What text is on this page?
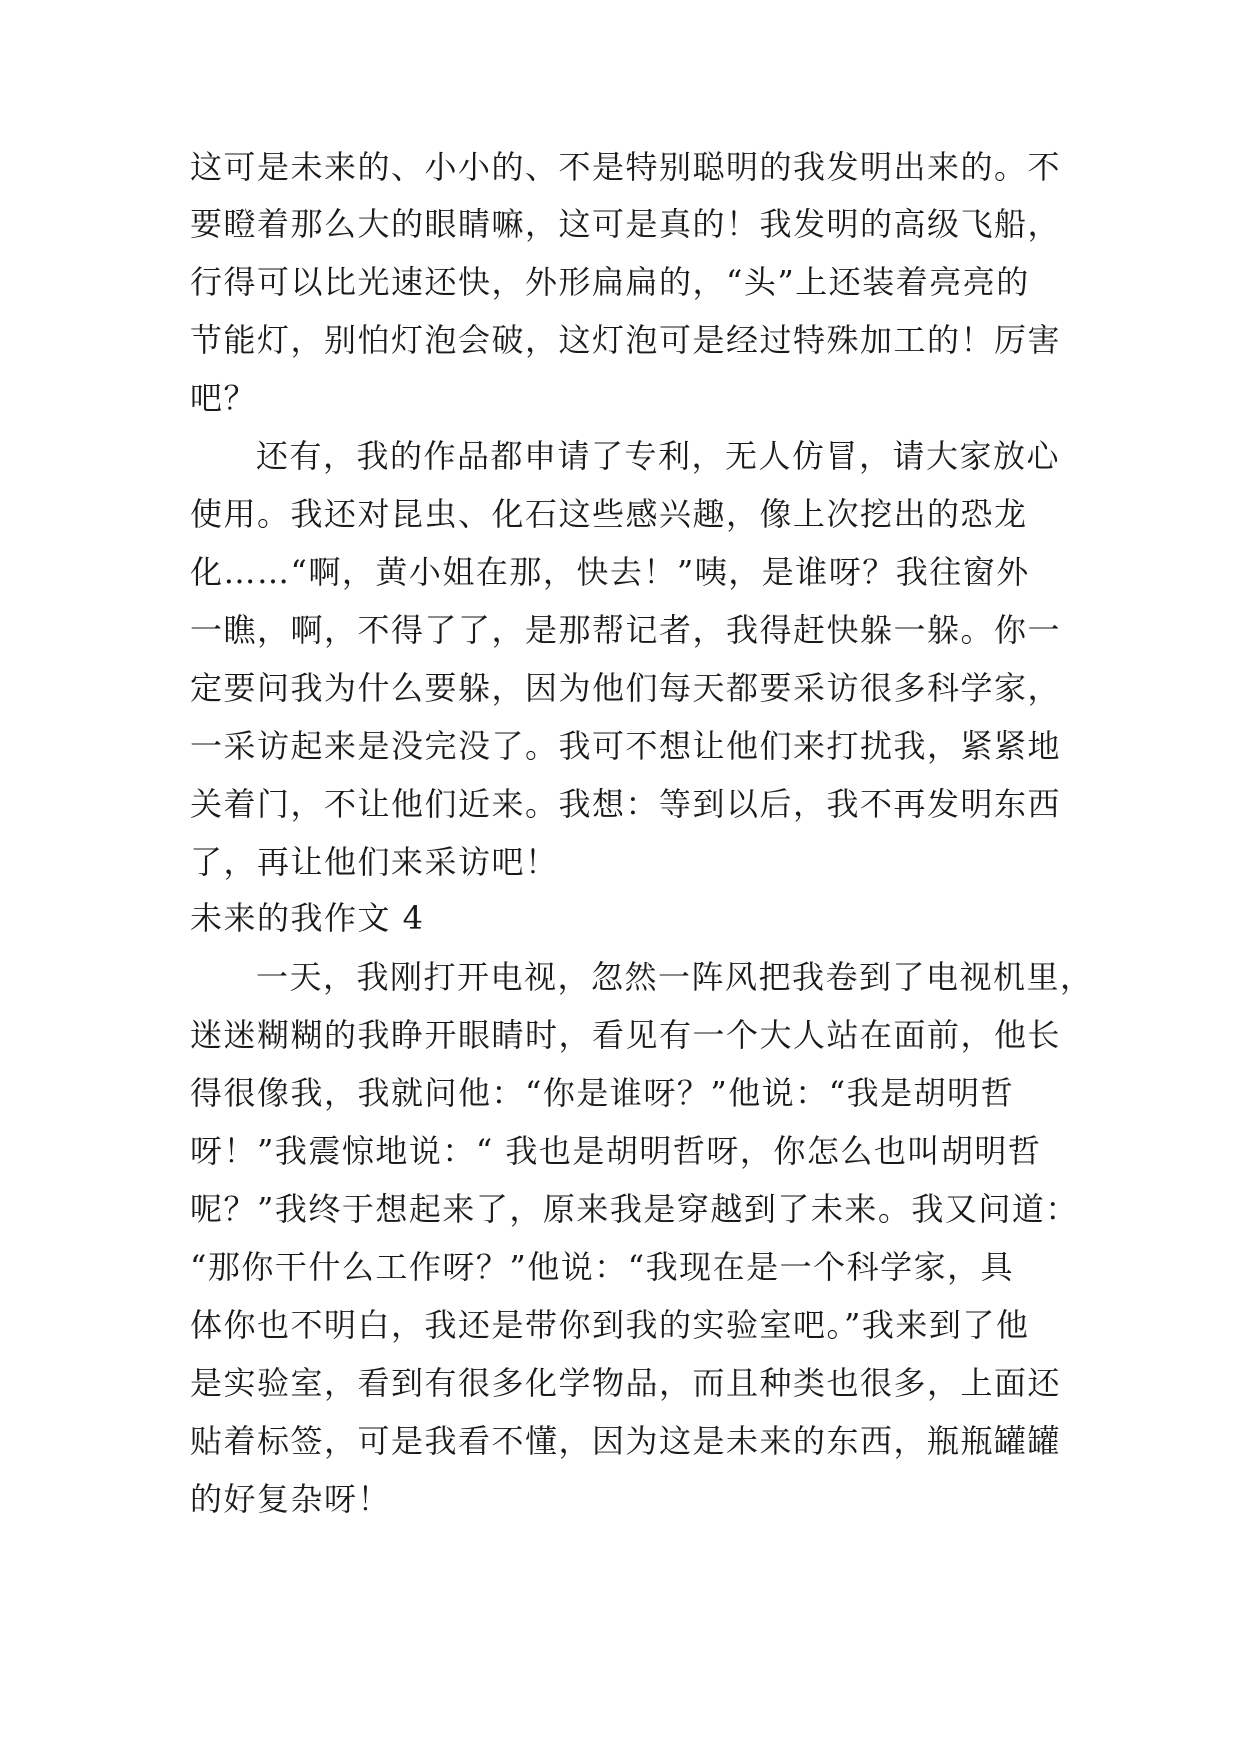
这可是未来的、小小的、不是特别聪明的我发明出来的。不
要瞪着那么大的眼睛嘛，这可是真的！我发明的高级飞船，
行得可以比光速还快，外形扁扁的，“头”上还装着亮亮的
节能灯，别怕灯泡会破，这灯泡可是经过特殊加工的！厉害
吧？
还有，我的作品都申请了专利，无人仿冒，请大家放心
使用。我还对昆虫、化石这些感兴趣，像上次挖出的恐龙
化……“啊，黄小姐在那，快去！”咦，是谁呀？我往窗外
一瞧，啊，不得了了，是那帮记者，我得赶快躲一躲。你一
定要问我为什么要躲，因为他们每天都要采访很多科学家，
一采访起来是没完没了。我可不想让他们来打扰我，紧紧地
关着门，不让他们近来。我想：等到以后，我不再发明东西
了，再让他们来采访吧！
未来的我作文 4
一天，我刚打开电视，忽然一阵风把我卷到了电视机里，
迷迷糊糊的我睁开眼睛时，看见有一个大人站在面前，他长
得很像我，我就问他：“你是谁呀？”他说：“我是胡明哲
呀！”我震惊地说：“ 我也是胡明哲呀，你怎么也叫胡明哲
呢？”我终于想起来了，原来我是穿越到了未来。我又问道：
“那你干什么工作呀？”他说：“我现在是一个科学家，具
体你也不明白，我还是带你到我的实验室吧。”我来到了他
是实验室，看到有很多化学物品，而且种类也很多，上面还
贴着标签，可是我看不懂，因为这是未来的东西，瓶瓶罐罐
的好复杂呀！
